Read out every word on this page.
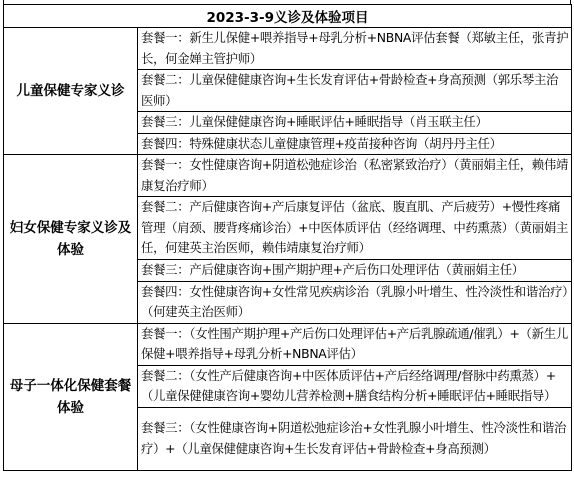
2023-3-9义诊及体验项目	
儿童保健专家义诊	套餐一：新生儿保健+喂养指导+母乳分析+NBNA评估套餐（郑敏主任，张青护长，何金婵主管护师）
	套餐二：儿童保健健康咨询+生长发育评估+骨龄检查+身高预测（郭乐琴主治医师）
	套餐三：儿童保健健康咨询+睡眠评估+睡眠指导（肖玉联主任）
	套餐四：特殊健康状态儿童健康管理+疫苗接种咨询（胡丹丹主任）
妇女保健专家义诊及体验	套餐一：女性健康咨询+阴道松弛症诊治（私密紧致治疗）（黄丽娟主任，赖伟靖康复治疗师）
	套餐二：产后健康咨询+产后康复评估（盆底、腹直肌、产后疲劳）+慢性疼痛管理（肩颈、腰背疼痛诊治）+中医体质评估（经络调理、中药熏蒸）（黄丽娟主任，何建英主治医师，赖伟靖康复治疗师）
	套餐三：产后健康咨询+围产期护理+产后伤口处理评估（黄丽娟主任）
	套餐四：女性健康咨询+女性常见疾病诊治（乳腺小叶增生、性冷淡性和谐治疗）（何建英主治医师）
母子一体化保健套餐体验	套餐一：（女性围产期护理+产后伤口处理评估+产后乳腺疏通/催乳）+（新生儿保健+喂养指导+母乳分析+NBNA评估）
	套餐二：（女性产后健康咨询+中医体质评估+产后经络调理/督脉中药熏蒸）+（儿童保健健康咨询+婴幼儿营养检测+膳食结构分析+睡眠评估+睡眠指导）
	套餐三：（女性健康咨询+阴道松弛症诊治+女性乳腺小叶增生、性冷淡性和谐治疗）+（儿童保健健康咨询+生长发育评估+骨龄检查+身高预测）
